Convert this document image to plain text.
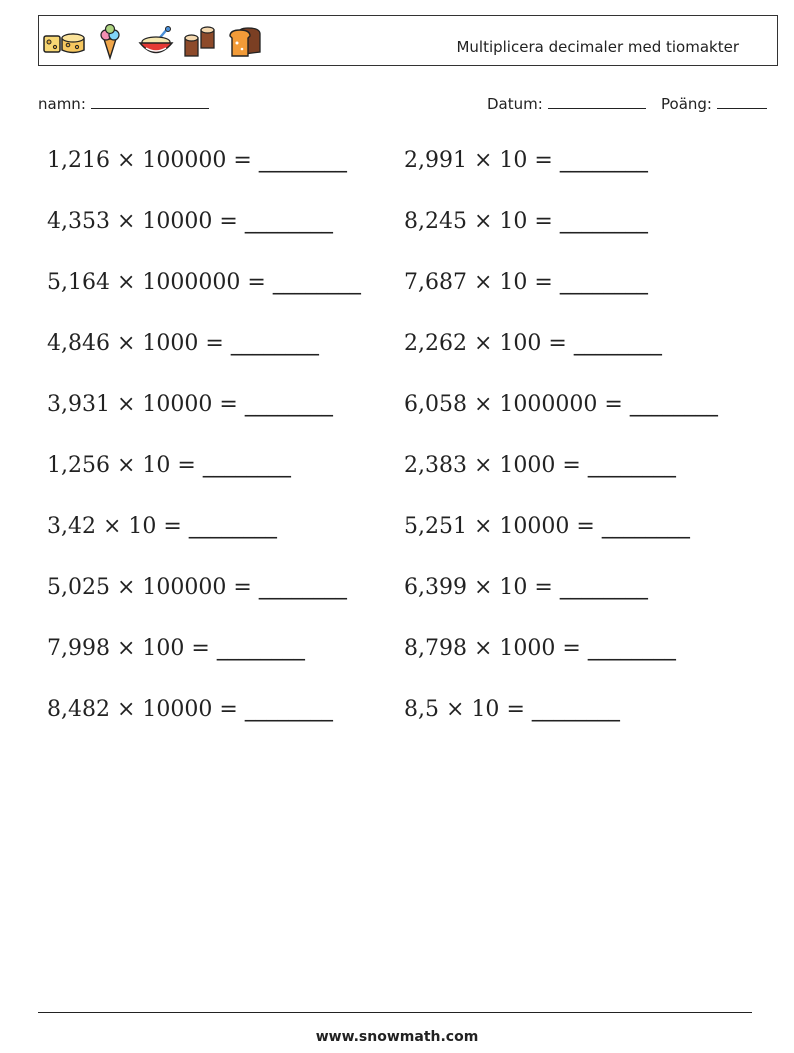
Multiplicera decimaler med tiomakter
namn:	Datum:	Poäng:
1,216 × 100000 = ________
4,353 × 10000 = ________
5,164 × 1000000 = ________
4,846 × 1000 = ________
3,931 × 10000 = ________
1,256 × 10 = ________
3,42 × 10 = ________
5,025 × 100000 = ________
7,998 × 100 = ________
8,482 × 10000 = ________
2,991 × 10 = ________
8,245 × 10 = ________
7,687 × 10 = ________
2,262 × 100 = ________
6,058 × 1000000 = ________
2,383 × 1000 = ________
5,251 × 10000 = ________
6,399 × 10 = ________
8,798 × 1000 = ________
8,5 × 10 = ________
www.snowmath.com
